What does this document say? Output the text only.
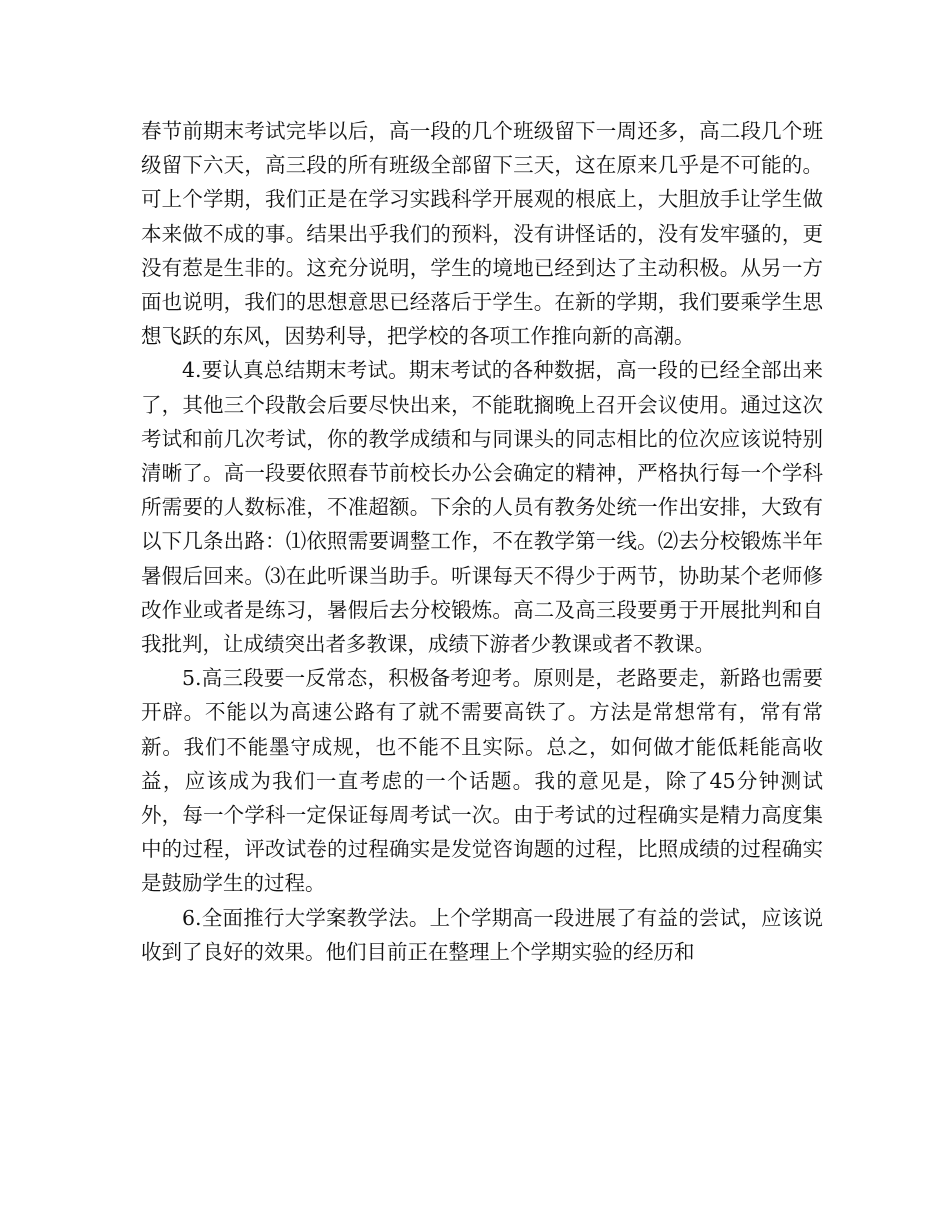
春节前期末考试完毕以后，高一段的几个班级留下一周还多，高二段几个班级留下六天，高三段的所有班级全部留下三天，这在原来几乎是不可能的。可上个学期，我们正是在学习实践科学开展观的根底上，大胆放手让学生做本来做不成的事。结果出乎我们的预料，没有讲怪话的，没有发牢骚的，更没有惹是生非的。这充分说明，学生的境地已经到达了主动积极。从另一方面也说明，我们的思想意思已经落后于学生。在新的学期，我们要乘学生思想飞跃的东风，因势利导，把学校的各项工作推向新的高潮。

4.要认真总结期末考试。期末考试的各种数据，高一段的已经全部出来了，其他三个段散会后要尽快出来，不能耽搁晚上召开会议使用。通过这次考试和前几次考试，你的教学成绩和与同课头的同志相比的位次应该说特别清晰了。高一段要依照春节前校长办公会确定的精神，严格执行每一个学科所需要的人数标准，不准超额。下余的人员有教务处统一作出安排，大致有以下几条出路：⑴依照需要调整工作，不在教学第一线。⑵去分校锻炼半年暑假后回来。⑶在此听课当助手。听课每天不得少于两节，协助某个老师修改作业或者是练习，暑假后去分校锻炼。高二及高三段要勇于开展批判和自我批判，让成绩突出者多教课，成绩下游者少教课或者不教课。

5.高三段要一反常态，积极备考迎考。原则是，老路要走，新路也需要开辟。不能以为高速公路有了就不需要高铁了。方法是常想常有，常有常新。我们不能墨守成规，也不能不且实际。总之，如何做才能低耗能高收益，应该成为我们一直考虑的一个话题。我的意见是，除了45分钟测试外，每一个学科一定保证每周考试一次。由于考试的过程确实是精力高度集中的过程，评改试卷的过程确实是发觉咨询题的过程，比照成绩的过程确实是鼓励学生的过程。

6.全面推行大学案教学法。上个学期高一段进展了有益的尝试，应该说收到了良好的效果。他们目前正在整理上个学期实验的经历和
